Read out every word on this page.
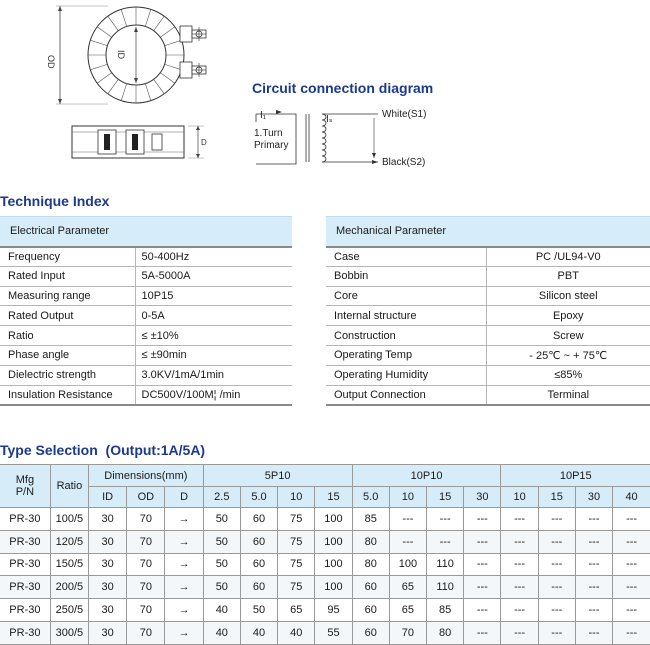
OD
ID
D
Circuit connection diagram
I₁	Iₛ	White(S1)
Black(S2)
1.Turn
Primary
Technique Index
Electrical Parameter	
Frequency	50-400Hz
Rated Input	5A-5000A
Measuring range	10P15
Rated Output	0-5A
Ratio	≤ ±10%
Phase angle	≤ ±90min
Dielectric strength	3.0KV/1mA/1min
Insulation Resistance	DC500V/100M¦ /min
Mechanical Parameter	
Case	PC /UL94-V0
Bobbin	PBT
Core	Silicon steel
Internal structure	Epoxy
Construction	Screw
Operating Temp	- 25℃ ~ + 75℃
Operating Humidity	≤85%
Output Connection	Terminal
Type Selection  (Output:1A/5A)
Mfg
P/N	Ratio	Dimensions(mm)			5P10				10P10				10P15			
		ID	OD	D	2.5	5.0	10	15	5.0	10	15	30	10	15	30	40
PR-30	100/5	30	70	→	50	60	75	100	85	---	---	---	---	---	---	---
PR-30	120/5	30	70	→	50	60	75	100	80	---	---	---	---	---	---	---
PR-30	150/5	30	70	→	50	60	75	100	80	100	110	---	---	---	---	---
PR-30	200/5	30	70	→	50	60	75	100	60	65	110	---	---	---	---	---
PR-30	250/5	30	70	→	40	50	65	95	60	65	85	---	---	---	---	---
PR-30	300/5	30	70	→	40	40	40	55	60	70	80	---	---	---	---	---
